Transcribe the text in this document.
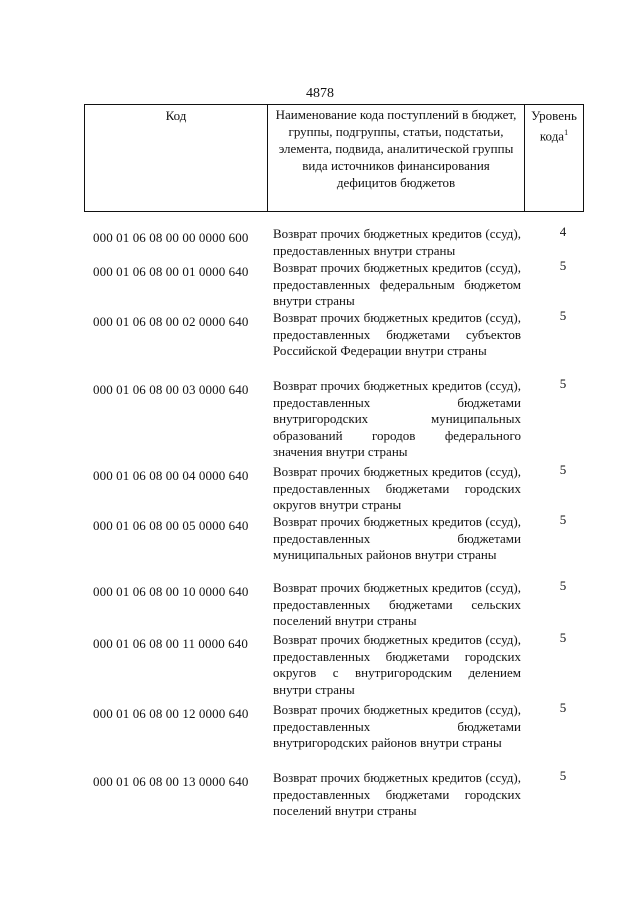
4878
Код	Наименование кода поступлений в бюджет, группы, подгруппы, статьи, подстатьи, элемента, подвида, аналитической группы вида источников финансирования дефицитов бюджетов
Уровень кода$^1$
000 01 06 08 00 00 0000 600 Возврат прочих бюджетных кредитов (ссуд), предоставленных внутри страны
4
000 01 06 08 00 01 0000 640 Возврат прочих бюджетных кредитов (ссуд), предоставленных федеральным бюджетом внутри страны
5
000 01 06 08 00 02 0000 640 Возврат прочих бюджетных кредитов (ссуд), предоставленных бюджетами субъектов Российской Федерации внутри страны
5
000 01 06 08 00 03 0000 640 Возврат прочих бюджетных кредитов (ссуд), предоставленных бюджетами внутригородских муниципальных образований городов федерального значения внутри страны
5
000 01 06 08 00 04 0000 640 Возврат прочих бюджетных кредитов (ссуд), предоставленных бюджетами городских округов внутри страны
5
000 01 06 08 00 05 0000 640 Возврат прочих бюджетных кредитов (ссуд), предоставленных бюджетами муниципальных районов внутри страны
5
000 01 06 08 00 10 0000 640 Возврат прочих бюджетных кредитов (ссуд), предоставленных бюджетами сельских поселений внутри страны
5
000 01 06 08 00 11 0000 640 Возврат прочих бюджетных кредитов (ссуд), предоставленных бюджетами городских округов с внутригородским делением внутри страны
5
000 01 06 08 00 12 0000 640 Возврат прочих бюджетных кредитов (ссуд), предоставленных бюджетами внутригородских районов внутри страны
5
000 01 06 08 00 13 0000 640 Возврат прочих бюджетных кредитов (ссуд), предоставленных бюджетами городских поселений внутри страны
5
